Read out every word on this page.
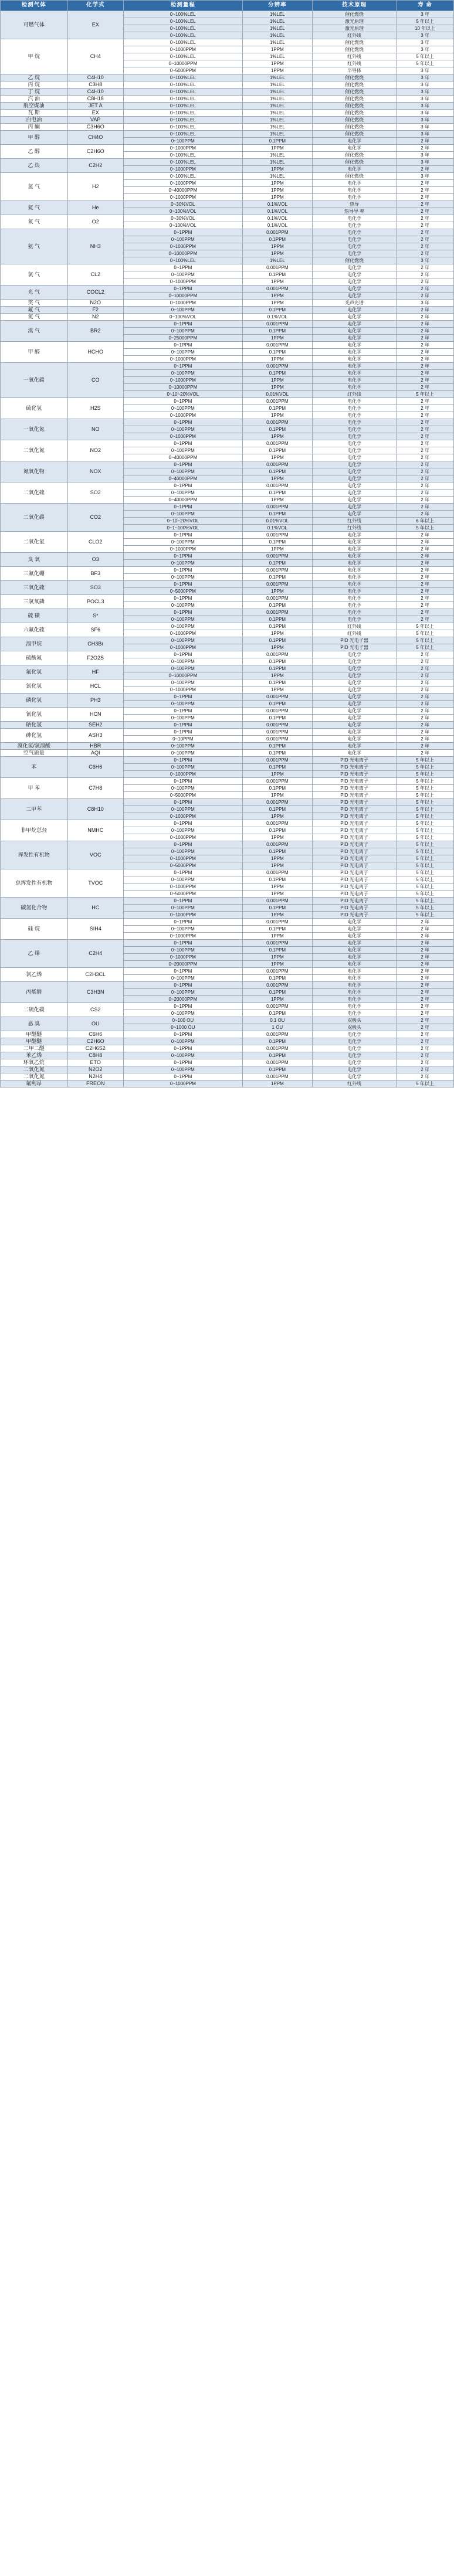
检测气体	化学式	检测量程	分辨率	技术原理	寿 命
可燃气体	EX	0~100%LEL	1%LEL	催化燃烧	3 年
		0~100%LEL	1%LEL	激光原理	5 年以上
		0~100%LEL	1%LEL	激光原理	10 年以上
		0~100%LEL	1%LEL	红外线	3 年
甲 烷	CH4	0~100%LEL	1%LEL	催化燃烧	3 年
		0~1000PPM	1PPM	催化燃烧	3 年
		0~100%LEL	1%LEL	红外线	5 年以上
		0~10000PPM	1PPM	红外线	5 年以上
		0~5000PPM	1PPM	半导体	3 年
乙 烷	C4H10	0~100%LEL	1%LEL	催化燃烧	3 年
丙 烷	C3H8	0~100%LEL	1%LEL	催化燃烧	3 年
丁 烷	C4H10	0~100%LEL	1%LEL	催化燃烧	3 年
汽 油	C8H18	0~100%LEL	1%LEL	催化燃烧	3 年
航空煤油	JET A	0~100%LEL	1%LEL	催化燃烧	3 年
瓦 斯	EX	0~100%LEL	1%LEL	催化燃烧	3 年
白电油	VAP	0~100%LEL	1%LEL	催化燃烧	3 年
丙 酮	C3H6O	0~100%LEL	1%LEL	催化燃烧	3 年
甲 醇	CH4O	0~100%LEL	1%LEL	催化燃烧	3 年
		0~100PPM	0.1PPM	电化学	2 年
乙 醇	C2H6O	0~1000PPM	1PPM	电化学	2 年
		0~100%LEL	1%LEL	催化燃烧	3 年
乙 炔	C2H2	0~100%LEL	1%LEL	催化燃烧	3 年
		0~1000PPM	1PPM	电化学	2 年
氢 气	H2	0~100%LEL	1%LEL	催化燃烧	3 年
		0~1000PPM	1PPM	电化学	2 年
		0~40000PPM	1PPM	电化学	2 年
		0~1000PPM	1PPM	电化学	2 年
氦 气	He	0~30%VOL	0.1%VOL	热导	2 年
		0~100%VOL	0.1%VOL	热导导 率	2 年
氧 气	O2	0~30%VOL	0.1%VOL	电化学	2 年
		0~100%VOL	0.1%VOL	电化学	2 年
氨 气	NH3	0~1PPM	0.001PPM	电化学	2 年
		0~100PPM	0.1PPM	电化学	2 年
		0~1000PPM	1PPM	电化学	2 年
		0~10000PPM	1PPM	电化学	2 年
		0~100%LEL	1%LEL	催化燃烧	3 年
氯 气	CL2	0~1PPM	0.001PPM	电化学	2 年
		0~100PPM	0.1PPM	电化学	2 年
		0~1000PPM	1PPM	电化学	2 年
光 气	COCL2	0~1PPM	0.001PPM	电化学	2 年
		0~10000PPM	1PPM	电化学	2 年
笑 气	N2O	0~1000PPM	1PPM	光声光谱	3 年
氟 气	F2	0~100PPM	0.1PPM	电化学	2 年
氮 气	N2	0~100%VOL	0.1%VOL	电化学	2 年
溴 气	BR2	0~1PPM	0.001PPM	电化学	2 年
		0~100PPM	0.1PPM	电化学	2 年
		0~25000PPM	1PPM	电化学	2 年
甲 醛	HCHO	0~1PPM	0.001PPM	电化学	2 年
		0~100PPM	0.1PPM	电化学	2 年
		0~1000PPM	1PPM	电化学	2 年
一氧化碳	CO	0~1PPM	0.001PPM	电化学	2 年
		0~100PPM	0.1PPM	电化学	2 年
		0~1000PPM	1PPM	电化学	2 年
		0~10000PPM	1PPM	电化学	2 年
		0~10~20%VOL	0.01%VOL	红外线	5 年以上
硫化氢	H2S	0~1PPM	0.001PPM	电化学	2 年
		0~100PPM	0.1PPM	电化学	2 年
		0~1000PPM	1PPM	电化学	2 年
一氧化氮	NO	0~1PPM	0.001PPM	电化学	2 年
		0~100PPM	0.1PPM	电化学	2 年
		0~1000PPM	1PPM	电化学	2 年
二氧化氮	NO2	0~1PPM	0.001PPM	电化学	2 年
		0~100PPM	0.1PPM	电化学	2 年
		0~40000PPM	1PPM	电化学	2 年
氮氧化物	NOX	0~1PPM	0.001PPM	电化学	2 年
		0~100PPM	0.1PPM	电化学	2 年
		0~40000PPM	1PPM	电化学	2 年
二氧化硫	SO2	0~1PPM	0.001PPM	电化学	2 年
		0~100PPM	0.1PPM	电化学	2 年
		0~40000PPM	1PPM	电化学	2 年
二氧化碳	CO2	0~1PPM	0.001PPM	电化学	2 年
		0~100PPM	0.1PPM	电化学	2 年
		0~10~20%VOL	0.01%VOL	红外线	6 年以上
		0~1~100%VOL	0.1%VOL	红外线	5 年以上
二氧化氯	CLO2	0~1PPM	0.001PPM	电化学	2 年
		0~100PPM	0.1PPM	电化学	2 年
		0~1000PPM	1PPM	电化学	2 年
臭 氧	O3	0~1PPM	0.001PPM	电化学	2 年
		0~100PPM	0.1PPM	电化学	2 年
三氟化硼	BF3	0~1PPM	0.001PPM	电化学	2 年
		0~100PPM	0.1PPM	电化学	2 年
三氧化硫	SO3	0~1PPM	0.001PPM	电化学	2 年
		0~5000PPM	1PPM	电化学	2 年
三氯氧磷	POCL3	0~1PPM	0.001PPM	电化学	2 年
		0~100PPM	0.1PPM	电化学	2 年
硫 磺	S*	0~1PPM	0.001PPM	电化学	2 年
		0~100PPM	0.1PPM	电化学	2 年
六氟化硫	SF6	0~100PPM	0.1PPM	红外线	5 年以上
		0~1000PPM	1PPM	红外线	5 年以上
溴甲烷	CH3Br	0~100PPM	0.1PPM	PID 光电子器	5 年以上
		0~1000PPM	1PPM	PID 光电子器	5 年以上
硫酰氟	F2O2S	0~1PPM	0.001PPM	电化学	2 年
		0~100PPM	0.1PPM	电化学	2 年
氟化氢	HF	0~100PPM	0.1PPM	电化学	2 年
		0~10000PPM	1PPM	电化学	2 年
氯化氢	HCL	0~100PPM	0.1PPM	电化学	2 年
		0~1000PPM	1PPM	电化学	2 年
磷化氢	PH3	0~1PPM	0.001PPM	电化学	2 年
		0~100PPM	0.1PPM	电化学	2 年
氰化氢	HCN	0~1PPM	0.001PPM	电化学	2 年
		0~100PPM	0.1PPM	电化学	2 年
硒化氢	SEH2	0~1PPM	0.001PPM	电化学	2 年
砷化氢	ASH3	0~1PPM	0.001PPM	电化学	2 年
		0~10PPM	0.001PPM	电化学	2 年
溴化氢/氢溴酸	HBR	0~100PPM	0.1PPM	电化学	2 年
空气质量	AQI	0~100PPM	0.1PPM	电化学	2 年
苯	C6H6	0~1PPM	0.001PPM	PID 光电离子	5 年以上
		0~100PPM	0.1PPM	PID 光电离子	5 年以上
		0~1000PPM	1PPM	PID 光电离子	5 年以上
甲 苯	C7H8	0~1PPM	0.001PPM	PID 光电离子	5 年以上
		0~100PPM	0.1PPM	PID 光电离子	5 年以上
		0~5000PPM	1PPM	PID 光电离子	5 年以上
二甲苯	C8H10	0~1PPM	0.001PPM	PID 光电离子	5 年以上
		0~100PPM	0.1PPM	PID 光电离子	5 年以上
		0~1000PPM	1PPM	PID 光电离子	5 年以上
非甲烷总烃	NMHC	0~1PPM	0.001PPM	PID 光电离子	5 年以上
		0~100PPM	0.1PPM	PID 光电离子	5 年以上
		0~1000PPM	1PPM	PID 光电离子	5 年以上
挥发性有机物	VOC	0~1PPM	0.001PPM	PID 光电离子	5 年以上
		0~100PPM	0.1PPM	PID 光电离子	5 年以上
		0~1000PPM	1PPM	PID 光电离子	5 年以上
		0~5000PPM	1PPM	PID 光电离子	5 年以上
总挥发性有机物	TVOC	0~1PPM	0.001PPM	PID 光电离子	5 年以上
		0~100PPM	0.1PPM	PID 光电离子	5 年以上
		0~1000PPM	1PPM	PID 光电离子	5 年以上
		0~5000PPM	1PPM	PID 光电离子	5 年以上
碳氢化合物	HC	0~1PPM	0.001PPM	PID 光电离子	5 年以上
		0~100PPM	0.1PPM	PID 光电离子	5 年以上
		0~1000PPM	1PPM	PID 光电离子	5 年以上
硅 烷	SIH4	0~1PPM	0.001PPM	电化学	2 年
		0~100PPM	0.1PPM	电化学	2 年
		0~1000PPM	1PPM	电化学	2 年
乙 烯	C2H4	0~1PPM	0.001PPM	电化学	2 年
		0~100PPM	0.1PPM	电化学	2 年
		0~1000PPM	1PPM	电化学	2 年
		0~20000PPM	1PPM	电化学	2 年
氯乙烯	C2H3CL	0~1PPM	0.001PPM	电化学	2 年
		0~100PPM	0.1PPM	电化学	2 年
丙烯腈	C3H3N	0~1PPM	0.001PPM	电化学	2 年
		0~100PPM	0.1PPM	电化学	2 年
		0~20000PPM	1PPM	电化学	2 年
二硫化碳	CS2	0~1PPM	0.001PPM	电化学	2 年
		0~100PPM	0.1PPM	电化学	2 年
恶 臭	OU	0~100 OU	0.1 OU	双极头	2 年
		0~1000 OU	1 OU	双极头	2 年
甲醚醚	C6H6	0~1PPM	0.001PPM	电化学	2 年
甲醚醚	C2H6O	0~100PPM	0.1PPM	电化学	2 年
二甲二醚	C2H6S2	0~1PPM	0.001PPM	电化学	2 年
苯乙烯	C8H8	0~100PPM	0.1PPM	电化学	2 年
环氧乙烷	ETO	0~1PPM	0.001PPM	电化学	2 年
二氧化氮	N2O2	0~100PPM	0.1PPM	电化学	2 年
二氧化氮	N2H4	0~1PPM	0.001PPM	电化学	2 年
氟利昂	FREON	0~1000PPM	1PPM	红外线	5 年以上
